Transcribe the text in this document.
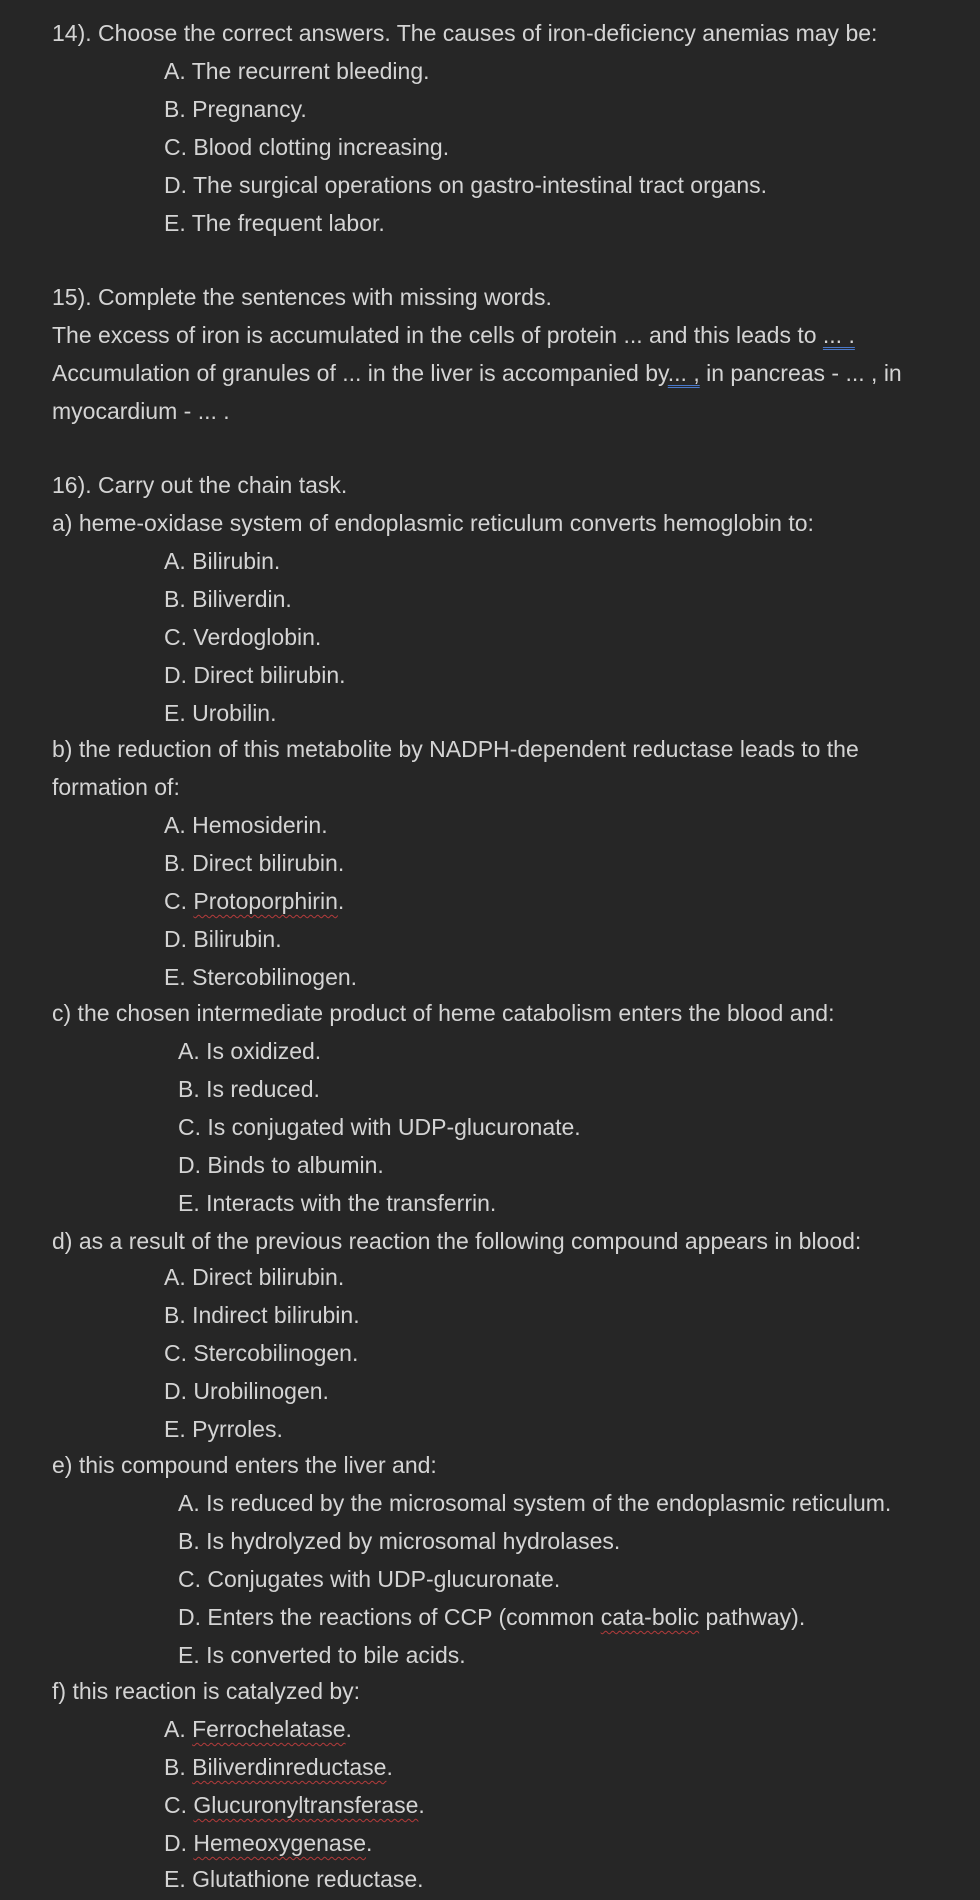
14). Choose the correct answers. The causes of iron-deficiency anemias may be:
A. The recurrent bleeding.
B. Pregnancy.
C. Blood clotting increasing.
D. The surgical operations on gastro-intestinal tract organs.
E. The frequent labor.
15). Complete the sentences with missing words.
The excess of iron is accumulated in the cells of protein ... and this leads to ... .
Accumulation of granules of ... in the liver is accompanied by... , in pancreas - ... , in
myocardium - ... .
16). Carry out the chain task.
a) heme-oxidase system of endoplasmic reticulum converts hemoglobin to:
A. Bilirubin.
B. Biliverdin.
C. Verdoglobin.
D. Direct bilirubin.
E. Urobilin.
b) the reduction of this metabolite by NADPH-dependent reductase leads to the
formation of:
A. Hemosiderin.
B. Direct bilirubin.
C. Protoporphirin.
D. Bilirubin.
E. Stercobilinogen.
c) the chosen intermediate product of heme catabolism enters the blood and:
A. Is oxidized.
B. Is reduced.
C. Is conjugated with UDP-glucuronate.
D. Binds to albumin.
E. Interacts with the transferrin.
d) as a result of the previous reaction the following compound appears in blood:
A. Direct bilirubin.
B. Indirect bilirubin.
C. Stercobilinogen.
D. Urobilinogen.
E. Pyrroles.
e) this compound enters the liver and:
A. Is reduced by the microsomal system of the endoplasmic reticulum.
B. Is hydrolyzed by microsomal hydrolases.
C. Conjugates with UDP-glucuronate.
D. Enters the reactions of CCP (common cata-bolic pathway).
E. Is converted to bile acids.
f) this reaction is catalyzed by:
A. Ferrochelatase.
B. Biliverdinreductase.
C. Glucuronyltransferase.
D. Hemeoxygenase.
E. Glutathione reductase.
